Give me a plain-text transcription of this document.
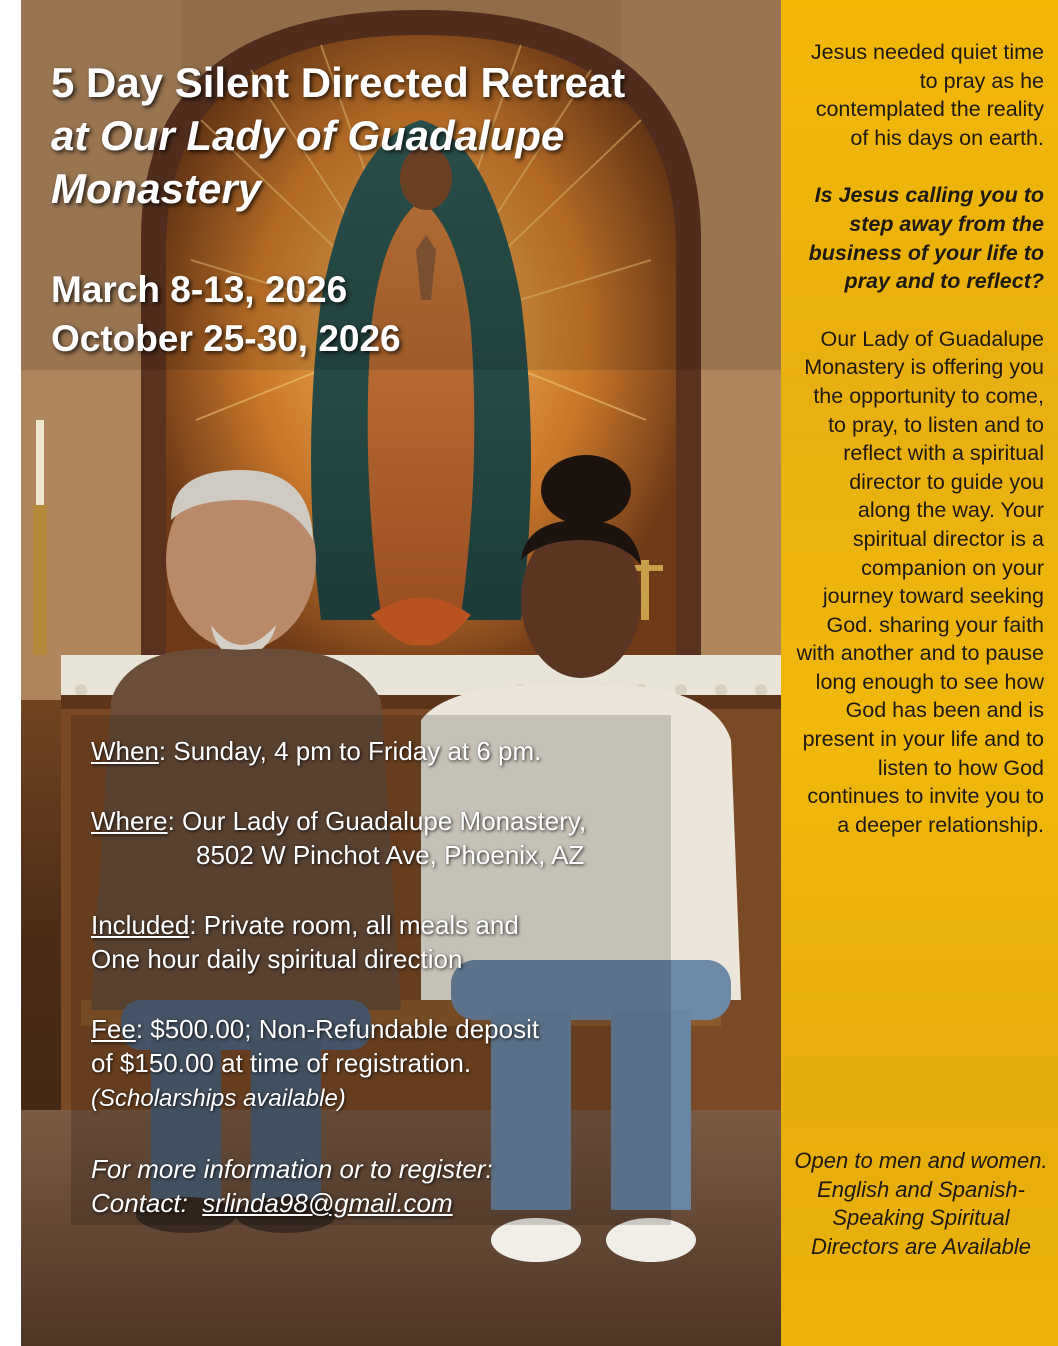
5 Day Silent Directed Retreat
at Our Lady of Guadalupe
Monastery
March 8-13, 2026
October 25-30, 2026

When: Sunday, 4 pm to Friday at 6 pm.

Where: Our Lady of Guadalupe Monastery,
8502 W Pinchot Ave, Phoenix, AZ

Included: Private room, all meals and
One hour daily spiritual direction

Fee: $500.00; Non-Refundable deposit
of $150.00 at time of registration.
(Scholarships available)

For more information or to register:
Contact: srlinda98@gmail.com

Jesus needed quiet time to pray as he contemplated the reality of his days on earth.

Is Jesus calling you to step away from the business of your life to pray and to reflect?

Our Lady of Guadalupe Monastery is offering you the opportunity to come, to pray, to listen and to reflect with a spiritual director to guide you along the way. Your spiritual director is a companion on your journey toward seeking God. sharing your faith with another and to pause long enough to see how God has been and is present in your life and to listen to how God continues to invite you to a deeper relationship.

Open to men and women. English and Spanish-Speaking Spiritual Directors are Available
